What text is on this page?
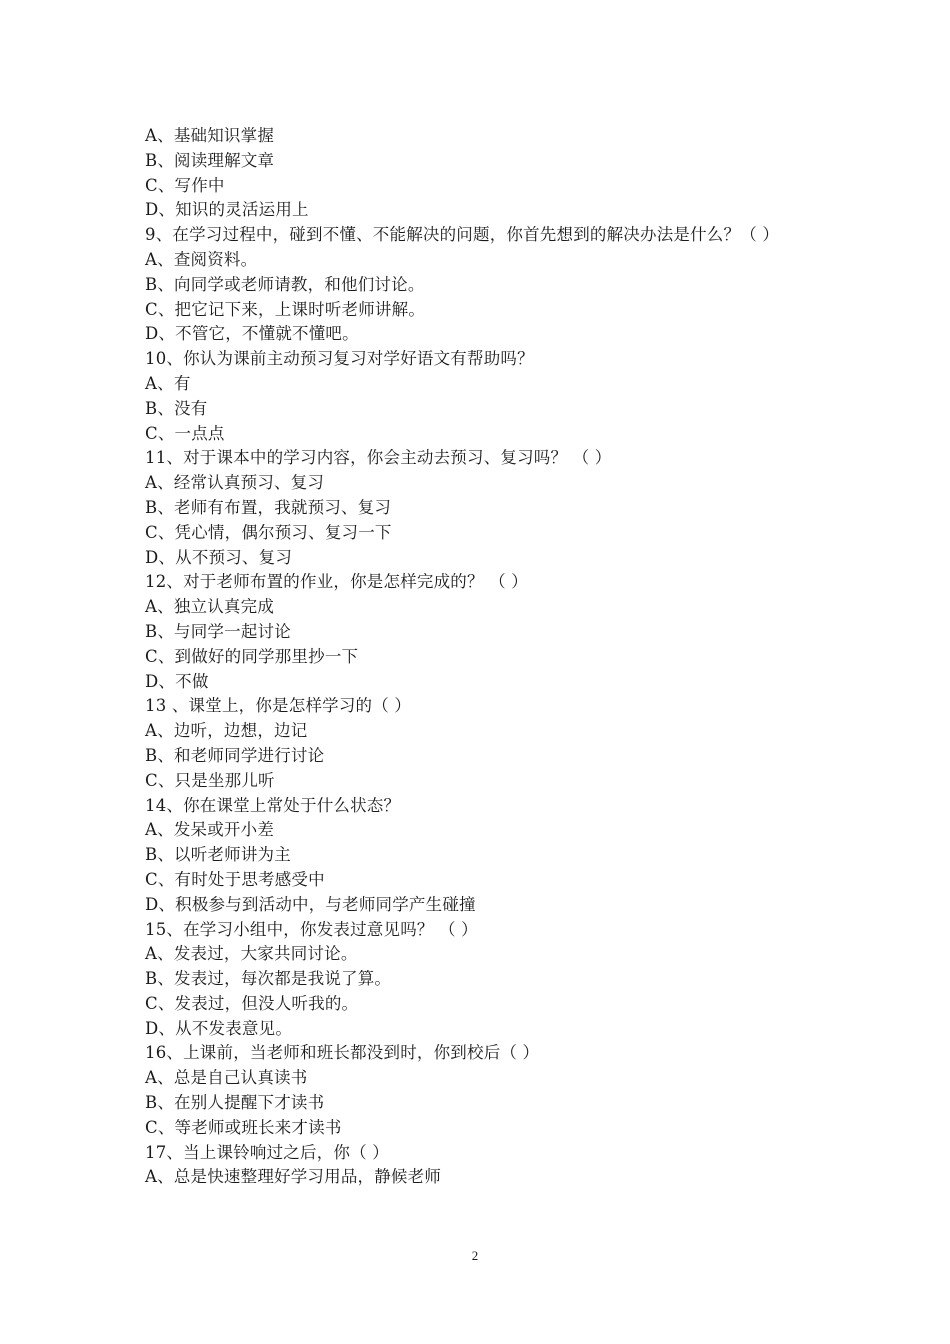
A、基础知识掌握
B、阅读理解文章
C、写作中
D、知识的灵活运用上
9、在学习过程中，碰到不懂、不能解决的问题，你首先想到的解决办法是什么？（ ）
A、查阅资料。
B、向同学或老师请教，和他们讨论。
C、把它记下来，上课时听老师讲解。
D、不管它，不懂就不懂吧。
10、你认为课前主动预习复习对学好语文有帮助吗？
A、有
B、没有
C、一点点
11、对于课本中的学习内容，你会主动去预习、复习吗？ （ ）
A、经常认真预习、复习
B、老师有布置，我就预习、复习
C、凭心情，偶尔预习、复习一下
D、从不预习、复习
12、对于老师布置的作业，你是怎样完成的？ （ ）
A、独立认真完成
B、与同学一起讨论
C、到做好的同学那里抄一下
D、不做
13 、课堂上，你是怎样学习的（ ）
A、边听，边想，边记
B、和老师同学进行讨论
C、只是坐那儿听
14、你在课堂上常处于什么状态？
A、发呆或开小差
B、以听老师讲为主
C、有时处于思考感受中
D、积极参与到活动中，与老师同学产生碰撞
15、在学习小组中，你发表过意见吗？ （ ）
A、发表过，大家共同讨论。
B、发表过，每次都是我说了算。
C、发表过，但没人听我的。
D、从不发表意见。
16、上课前，当老师和班长都没到时，你到校后（ ）
A、总是自己认真读书
B、在别人提醒下才读书
C、等老师或班长来才读书
17、当上课铃响过之后，你（ ）
A、总是快速整理好学习用品，静候老师
2
